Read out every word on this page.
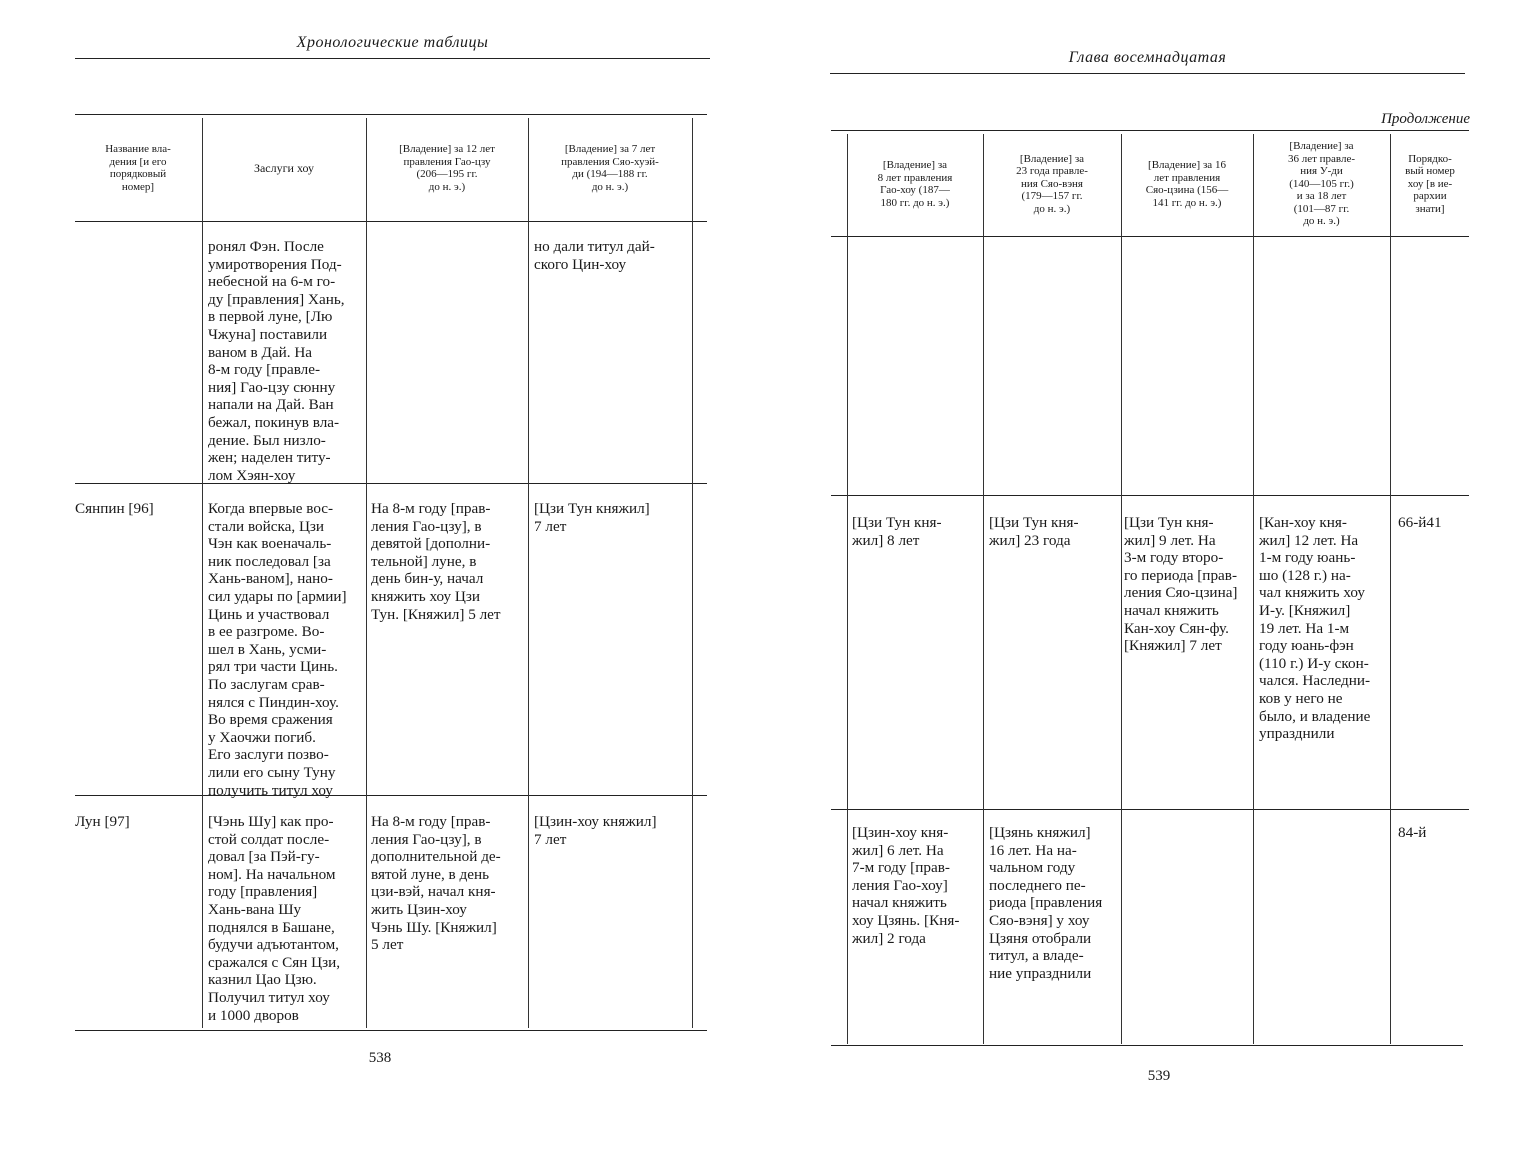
Хронологические таблицы
Название вла-
дения [и его
порядковый
номер]
Заслуги хоу
[Владение] за 12 лет
правления Гао-цзу
(206—195 гг.
до н. э.)
[Владение] за 7 лет
правления Сяо-хуэй-
ди (194—188 гг.
до н. э.)
ронял Фэн. После
умиротворения Под-
небесной на 6-м го-
ду [правления] Хань,
в первой луне, [Лю
Чжуна] поставили
ваном в Дай. На
8-м году [правле-
ния] Гао-цзу сюнну
напали на Дай. Ван
бежал, покинув вла-
дение. Был низло-
жен; наделен титу-
лом Хэян-хоу
но дали титул дай-
ского Цин-хоу
Сянпин [96]	Когда впервые вос-
стали войска, Цзи
Чэн как военачаль-
ник последовал [за
Хань-ваном], нано-
сил удары по [армии]
Цинь и участвовал
в ее разгроме. Во-
шел в Хань, усми-
рял три части Цинь.
По заслугам срав-
нялся с Пиндин-хоу.
Во время сражения
у Хаочжи погиб.
Его заслуги позво-
лили его сыну Туну
получить титул хоу
На 8-м году [прав-
ления Гао-цзу], в
девятой [дополни-
тельной] луне, в
день бин-у, начал
княжить хоу Цзи
Тун. [Княжил] 5 лет
[Цзи Тун княжил]
7 лет
Лун [97]	[Чэнь Шу] как про-
стой солдат после-
довал [за Пэй-гу-
ном]. На начальном
году [правления]
Хань-вана Шу
поднялся в Башане,
будучи адъютантом,
сражался с Сян Цзи,
казнил Цао Цзю.
Получил титул хоу
и 1000 дворов
На 8-м году [прав-
ления Гао-цзу], в
дополнительной де-
вятой луне, в день
цзи-вэй, начал кня-
жить Цзин-хоу
Чэнь Шу. [Княжил]
5 лет
[Цзин-хоу княжил]
7 лет
538
Глава восемнадцатая
Продолжение
[Владение] за
8 лет правления
Гао-хоу (187—
180 гг. до н. э.)
[Владение] за
23 года правле-
ния Сяо-вэня
(179—157 гг.
до н. э.)
[Владение] за 16
лет правления
Сяо-цзина (156—
141 гг. до н. э.)
[Владение] за
36 лет правле-
ния У-ди
(140—105 гг.)
и за 18 лет
(101—87 гг.
до н. э.)
Порядко-
вый номер
хоу [в ие-
рархии
знати]
[Цзи Тун кня-
жил] 8 лет
[Цзи Тун кня-
жил] 23 года
[Цзи Тун кня-
жил] 9 лет. На
3-м году второ-
го периода [прав-
ления Сяо-цзина]
начал княжить
Кан-хоу Сян-фу.
[Княжил] 7 лет
[Кан-хоу кня-
жил] 12 лет. На
1-м году юань-
шо (128 г.) на-
чал княжить хоу
И-у. [Княжил]
19 лет. На 1-м
году юань-фэн
(110 г.) И-у скон-
чался. Наследни-
ков у него не
было, и владение
упразднили
66-й41
[Цзин-хоу кня-
жил] 6 лет. На
7-м году [прав-
ления Гао-хоу]
начал княжить
хоу Цзянь. [Кня-
жил] 2 года
[Цзянь княжил]
16 лет. На на-
чальном году
последнего пе-
риода [правления
Сяо-вэня] у хоу
Цзяня отобрали
титул, а владе-
ние упразднили
84-й
539
